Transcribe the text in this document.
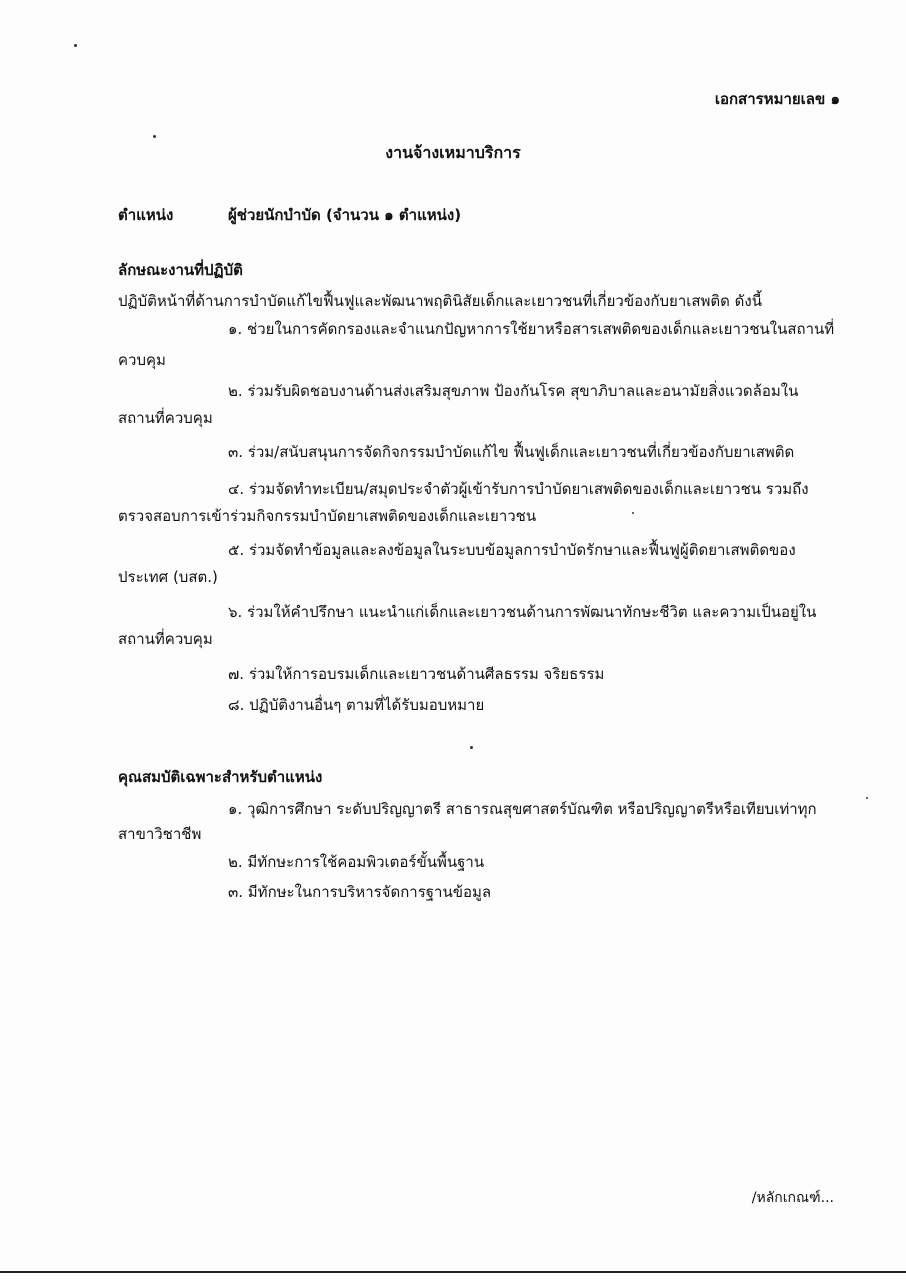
เอกสารหมายเลข ๑
งานจ้างเหมาบริการ
ตำแหน่ง	ผู้ช่วยนักบำบัด (จำนวน ๑ ตำแหน่ง)
ลักษณะงานที่ปฏิบัติ
ปฏิบัติหน้าที่ด้านการบำบัดแก้ไขฟื้นฟูและพัฒนาพฤตินิสัยเด็กและเยาวชนที่เกี่ยวข้องกับยาเสพติด ดังนี้
๑. ช่วยในการคัดกรองและจำแนกปัญหาการใช้ยาหรือสารเสพติดของเด็กและเยาวชนในสถานที่
ควบคุม
๒. ร่วมรับผิดชอบงานด้านส่งเสริมสุขภาพ ป้องกันโรค สุขาภิบาลและอนามัยสิ่งแวดล้อมใน
สถานที่ควบคุม
๓. ร่วม/สนับสนุนการจัดกิจกรรมบำบัดแก้ไข ฟื้นฟูเด็กและเยาวชนที่เกี่ยวข้องกับยาเสพติด
๔. ร่วมจัดทำทะเบียน/สมุดประจำตัวผู้เข้ารับการบำบัดยาเสพติดของเด็กและเยาวชน รวมถึง
ตรวจสอบการเข้าร่วมกิจกรรมบำบัดยาเสพติดของเด็กและเยาวชน
๕. ร่วมจัดทำข้อมูลและลงข้อมูลในระบบข้อมูลการบำบัดรักษาและฟื้นฟูผู้ติดยาเสพติดของ
ประเทศ (บสต.)
๖. ร่วมให้คำปรึกษา แนะนำแก่เด็กและเยาวชนด้านการพัฒนาทักษะชีวิต และความเป็นอยู่ใน
สถานที่ควบคุม
๗. ร่วมให้การอบรมเด็กและเยาวชนด้านศีลธรรม จริยธรรม
๘. ปฏิบัติงานอื่นๆ ตามที่ได้รับมอบหมาย
คุณสมบัติเฉพาะสำหรับตำแหน่ง
๑. วุฒิการศึกษา ระดับปริญญาตรี สาธารณสุขศาสตร์บัณฑิต หรือปริญญาตรีหรือเทียบเท่าทุก
สาขาวิชาชีพ
๒. มีทักษะการใช้คอมพิวเตอร์ขั้นพื้นฐาน
๓. มีทักษะในการบริหารจัดการฐานข้อมูล
/หลักเกณฑ์...
